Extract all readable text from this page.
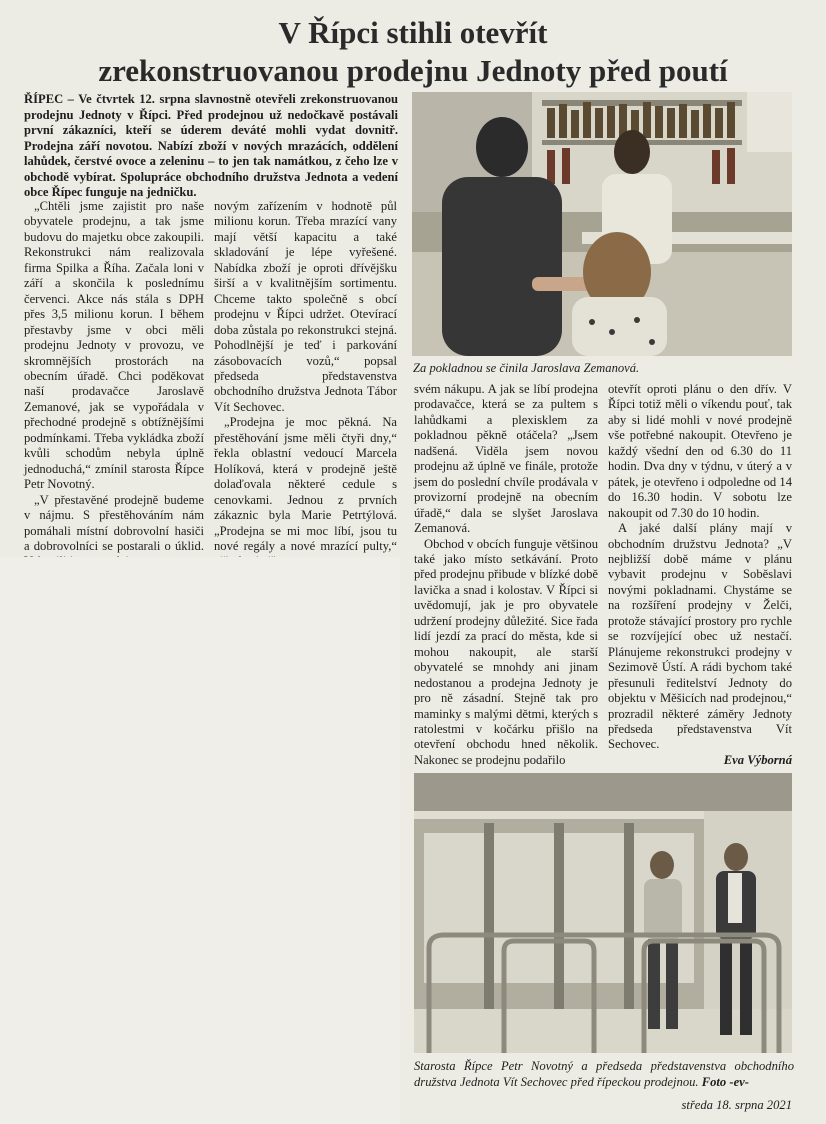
V Řípci stihli otevřít
zrekonstruovanou prodejnu Jednoty před poutí
ŘÍPEC – Ve čtvrtek 12. srpna slavnostně otevřeli zrekonstruovanou prodejnu Jednoty v Řípci. Před prodejnou už nedočkavě postávali první zákazníci, kteří se úderem deváté mohli vydat dovnitř. Prodejna září novotou. Nabízí zboží v nových mrazácích, oddělení lahůdek, čerstvé ovoce a zeleninu – to jen tak namátkou, z čeho lze v obchodě vybírat. Spolupráce obchodního družstva Jednota a vedení obce Řípec funguje na jedničku.

„Chtěli jsme zajistit pro naše obyvatele prodejnu, a tak jsme budovu do majetku obce zakoupili. Rekonstrukci nám realizovala firma Spilka a Říha. Začala loni v září a skončila k poslednímu červenci. Akce nás stála s DPH přes 3,5 milionu korun. I během přestavby jsme v obci měli prodejnu Jednoty v provozu, ve skromnějších prostorách na obecním úřadě. Chci poděkovat naší prodavačce Jaroslavě Zemanové, jak se vypořádala v přechodné prodejně s obtížnějšími podmínkami. Třeba vykládka zboží kvůli schodům nebyla úplně jednoduchá,“ zmínil starosta Řípce Petr Novotný.

„V přestavěné prodejně budeme v nájmu. S přestěhováním nám pomáhali místní dobrovolní hasiči a dobrovolníci se postarali o úklid.

novým zařízením v hodnotě půl milionu korun. Třeba mrazící vany mají větší kapacitu a také skladování je lépe vyřešené. Nabídka zboží je oproti dřívějšku širší a v kvalitnějším sortimentu. Chceme takto společně s obcí prodejnu v Řípci udržet. Otevírací doba zůstala po rekonstrukci stejná. Pohodlnější je teď i parkování zásobovacích vozů,“ popsal předseda představenstva obchodního družstva Jednota Tábor Vít Sechovec.

„Prodejna je moc pěkná. Na přestěhování jsme měli čtyři dny,“ řekla oblastní vedoucí Marcela Holíková, která v prodejně ještě dolaďovala některé cedule s cenovkami. Jednou z prvních zákaznic byla Marie Petrtýlová. „Prodejna se mi moc líbí, jsou tu nové regály a nové mrazící pulty,“

svém nákupu. A jak se líbí prodejna prodavačce, která se za pultem s lahůdkami a plexisklem za pokladnou pěkně otáčela? „Jsem nadšená. Viděla jsem novou prodejnu až úplně ve finále, protože jsem do poslední chvíle prodávala v provizorní prodejně na obecním úřadě,“ dala se slyšet Jaroslava Zemanová.

Obchod v obcích funguje většinou také jako místo setkávání. Proto před prodejnu přibude v blízké době lavička a snad i kolostav. V Řípci si uvědomují, jak je pro obyvatele udržení prodejny důležité. Sice řada lidí jezdí za prací do města, kde si mohou nakoupit, ale starší obyvatelé se mnohdy ani jinam nedostanou a prodejna Jednoty je pro ně zásadní. Stejně tak pro maminky s malými dětmi, kterých s ratolestmi v kočárku přišlo na otevření obchodu hned několik. Nakonec se prodejnu podařilo

otevřít oproti plánu o den dřív. V Řípci totiž měli o víkendu pouť, tak aby si lidé mohli v nové prodejně vše potřebné nakoupit. Otevřeno je každý všední den od 6.30 do 11 hodin. Dva dny v týdnu, v úterý a v pátek, je otevřeno i odpoledne od 14 do 16.30 hodin. V sobotu lze nakoupit od 7.30 do 10 hodin.

A jaké další plány mají v obchodním družstvu Jednota? „V nejbližší době máme v plánu vybavit prodejnu v Soběslavi novými pokladnami. Chystáme se na rozšíření prodejny v Želči, protože stávající prostory pro rychle se rozvíjející obec už nestačí. Plánujeme rekonstrukci prodejny v Sezimově Ústí. A rádi bychom také přesunuli ředitelství Jednoty do objektu v Měšicích nad prodejnou,“ prozradil některé záměry Jednoty předseda představenstva Vít Sechovec.

Eva Výborná
Za pokladnou se činila Jaroslava Zemanová.
Starosta Řípce Petr Novotný a předseda představenstva obchodního družstva Jednota Vít Sechovec před řípeckou prodejnou. Foto -ev-
středa 18. srpna 2021
